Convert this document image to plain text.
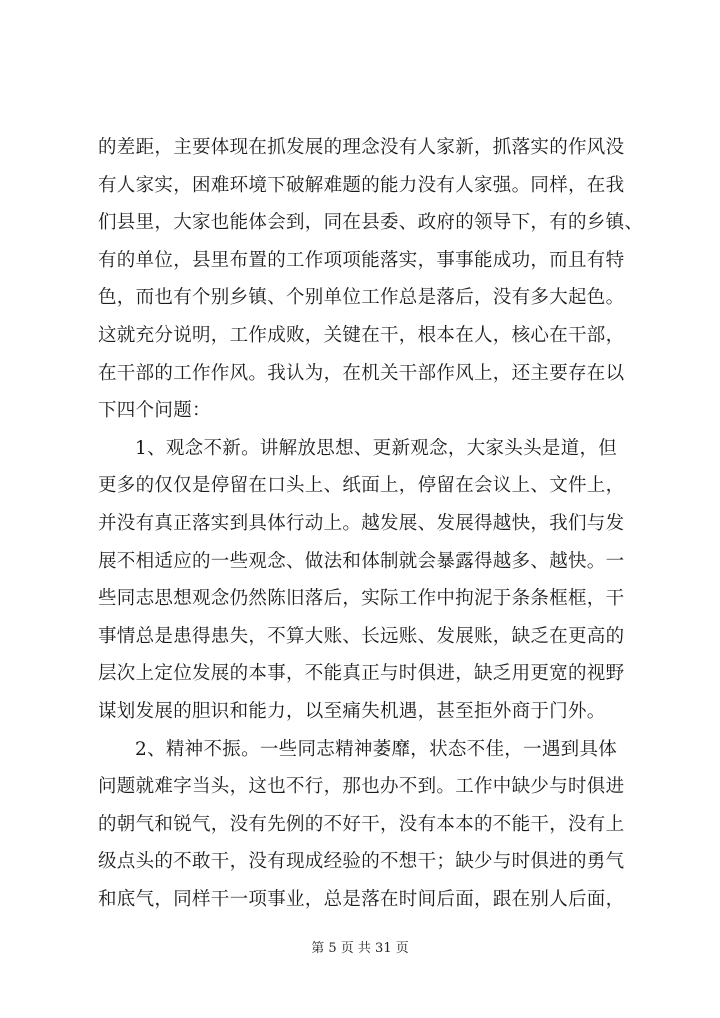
的差距，主要体现在抓发展的理念没有人家新，抓落实的作风没
有人家实，困难环境下破解难题的能力没有人家强。同样，在我
们县里，大家也能体会到，同在县委、政府的领导下，有的乡镇、
有的单位，县里布置的工作项项能落实，事事能成功，而且有特
色，而也有个别乡镇、个别单位工作总是落后，没有多大起色。
这就充分说明，工作成败，关键在干，根本在人，核心在干部，
在干部的工作作风。我认为，在机关干部作风上，还主要存在以
下四个问题：
1、观念不新。讲解放思想、更新观念，大家头头是道，但
更多的仅仅是停留在口头上、纸面上，停留在会议上、文件上，
并没有真正落实到具体行动上。越发展、发展得越快，我们与发
展不相适应的一些观念、做法和体制就会暴露得越多、越快。一
些同志思想观念仍然陈旧落后，实际工作中拘泥于条条框框，干
事情总是患得患失，不算大账、长远账、发展账，缺乏在更高的
层次上定位发展的本事，不能真正与时俱进，缺乏用更宽的视野
谋划发展的胆识和能力，以至痛失机遇，甚至拒外商于门外。
2、精神不振。一些同志精神萎靡，状态不佳，一遇到具体
问题就难字当头，这也不行，那也办不到。工作中缺少与时俱进
的朝气和锐气，没有先例的不好干，没有本本的不能干，没有上
级点头的不敢干，没有现成经验的不想干；缺少与时俱进的勇气
和底气，同样干一项事业，总是落在时间后面，跟在别人后面，
第 5 页 共 31 页
